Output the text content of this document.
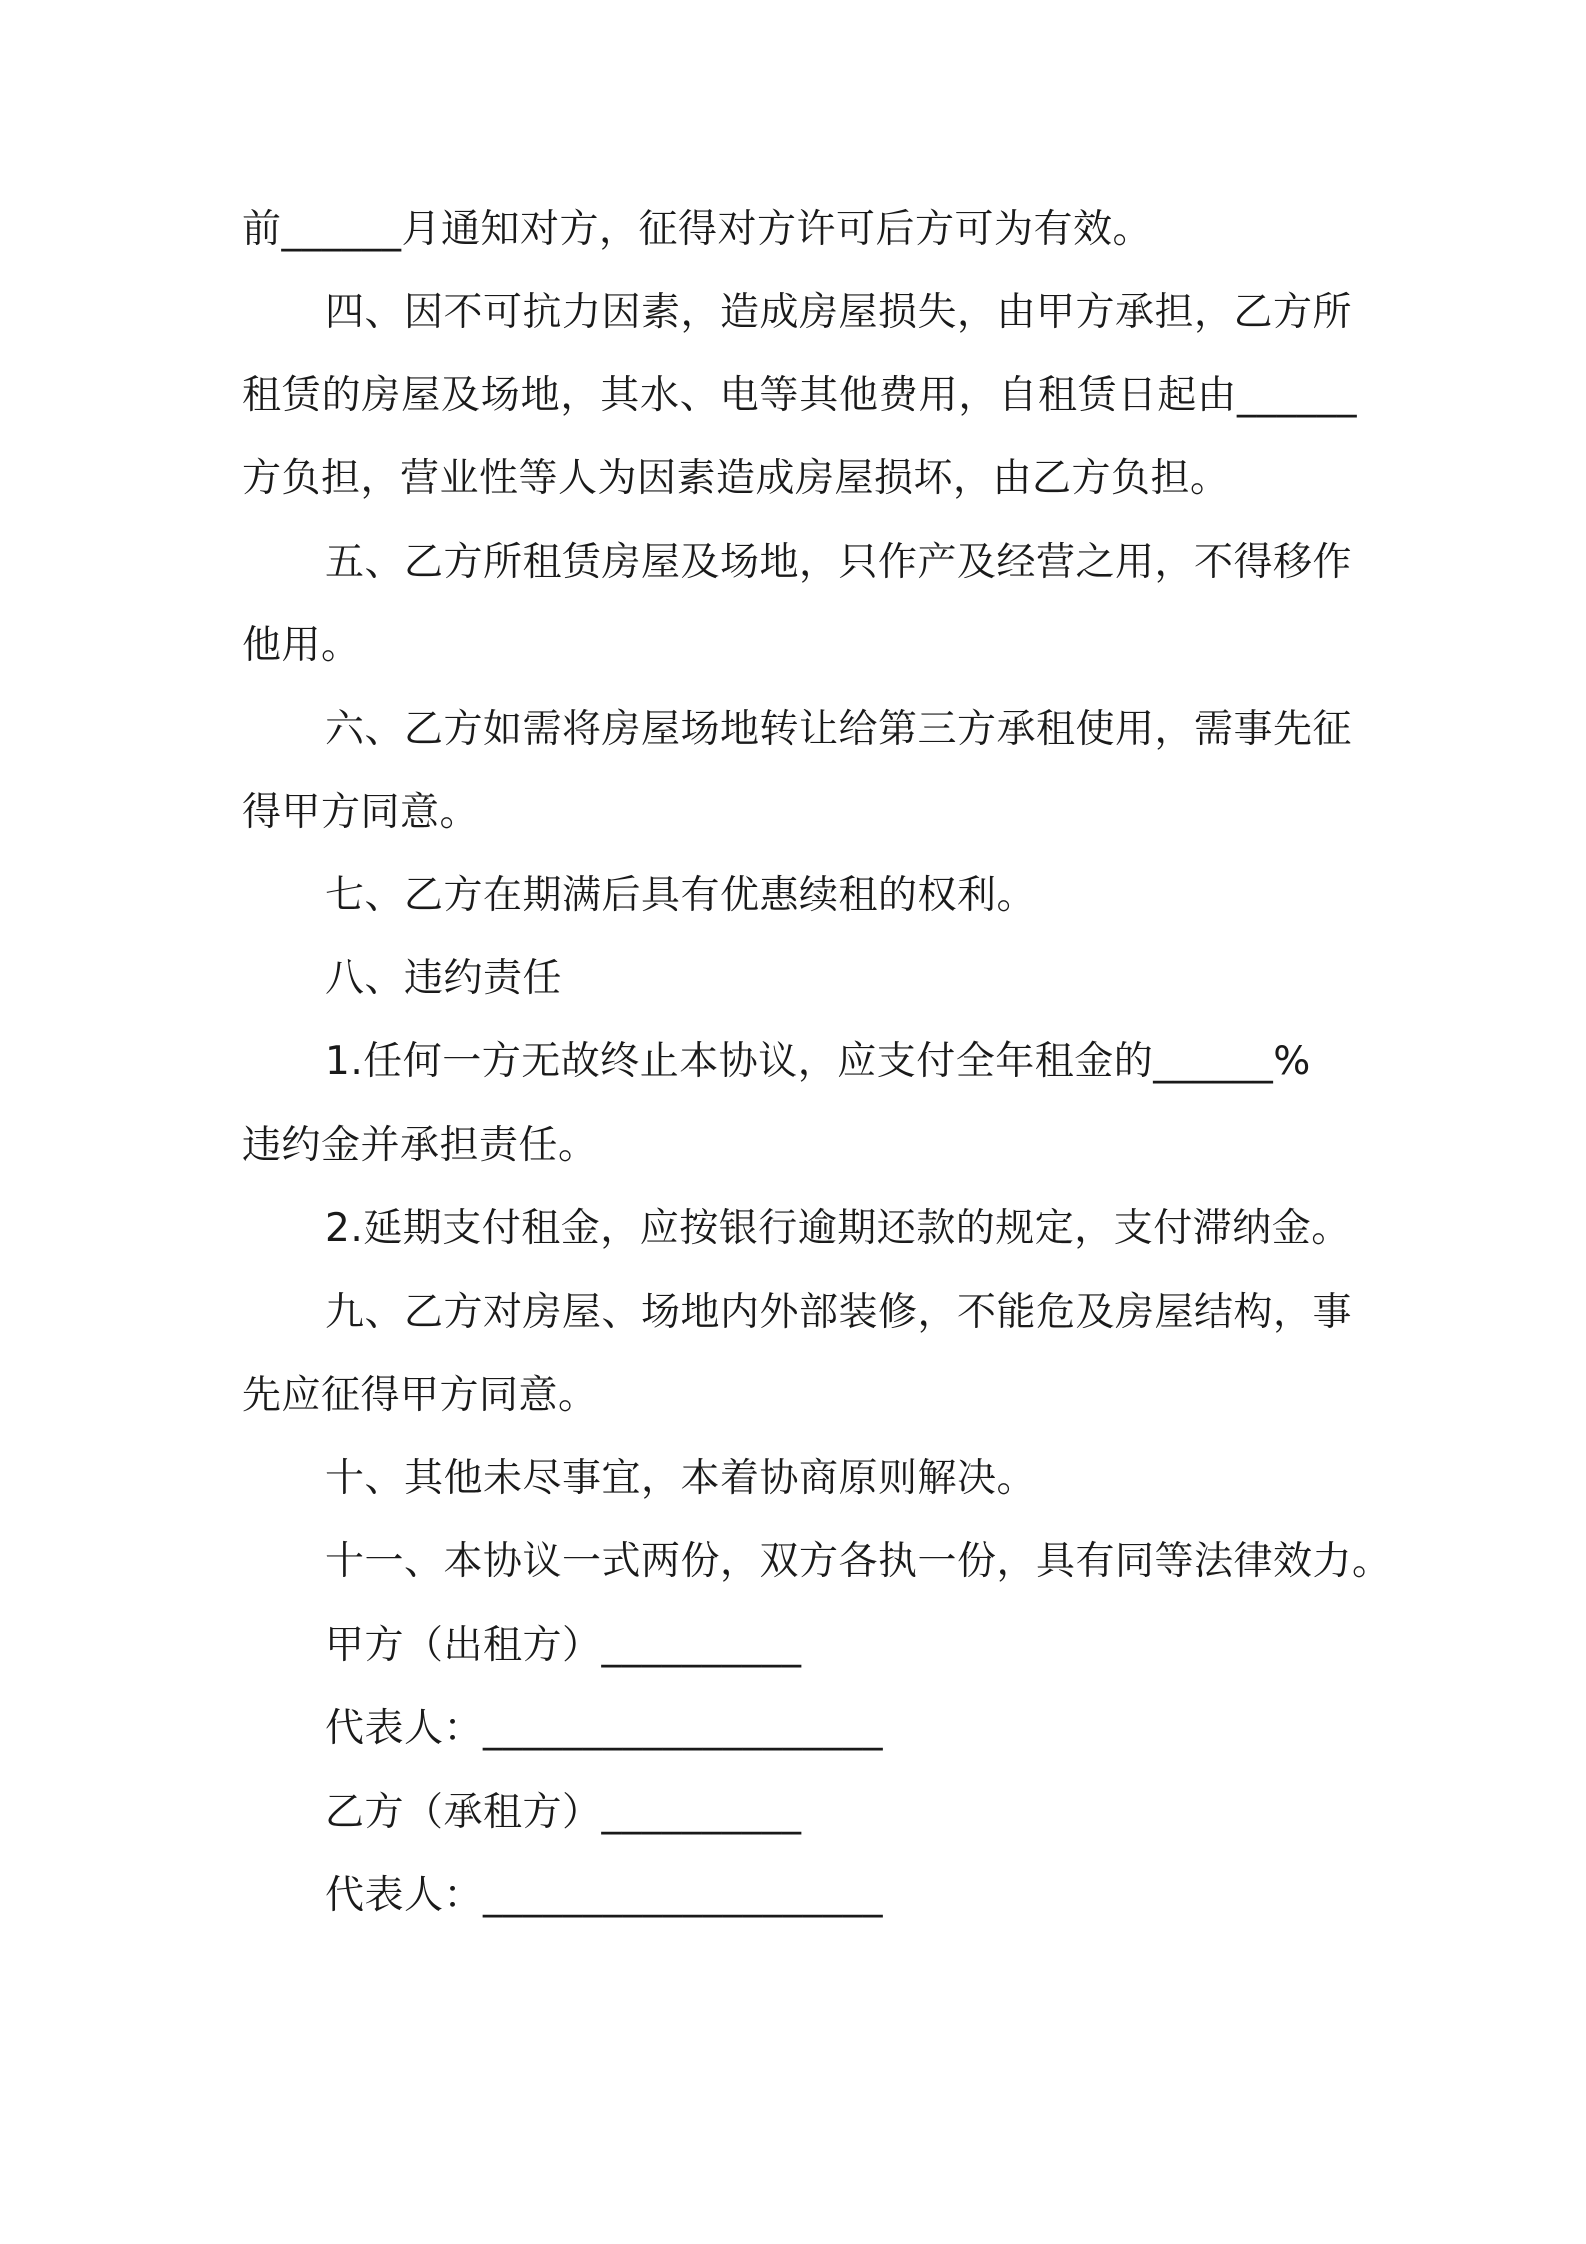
前______月通知对方，征得对方许可后方可为有效。

四、因不可抗力因素，造成房屋损失，由甲方承担，乙方所

租赁的房屋及场地，其水、电等其他费用，自租赁日起由______

方负担，营业性等人为因素造成房屋损坏，由乙方负担。

五、乙方所租赁房屋及场地，只作产及经营之用，不得移作

他用。

六、乙方如需将房屋场地转让给第三方承租使用，需事先征

得甲方同意。

七、乙方在期满后具有优惠续租的权利。

八、违约责任

1.任何一方无故终止本协议，应支付全年租金的______%

违约金并承担责任。

2.延期支付租金，应按银行逾期还款的规定，支付滞纳金。

九、乙方对房屋、场地内外部装修，不能危及房屋结构，事

先应征得甲方同意。

十、其他未尽事宜，本着协商原则解决。

十一、本协议一式两份，双方各执一份，具有同等法律效力。

甲方（出租方）__________

代表人：____________________

乙方（承租方）__________

代表人：____________________
